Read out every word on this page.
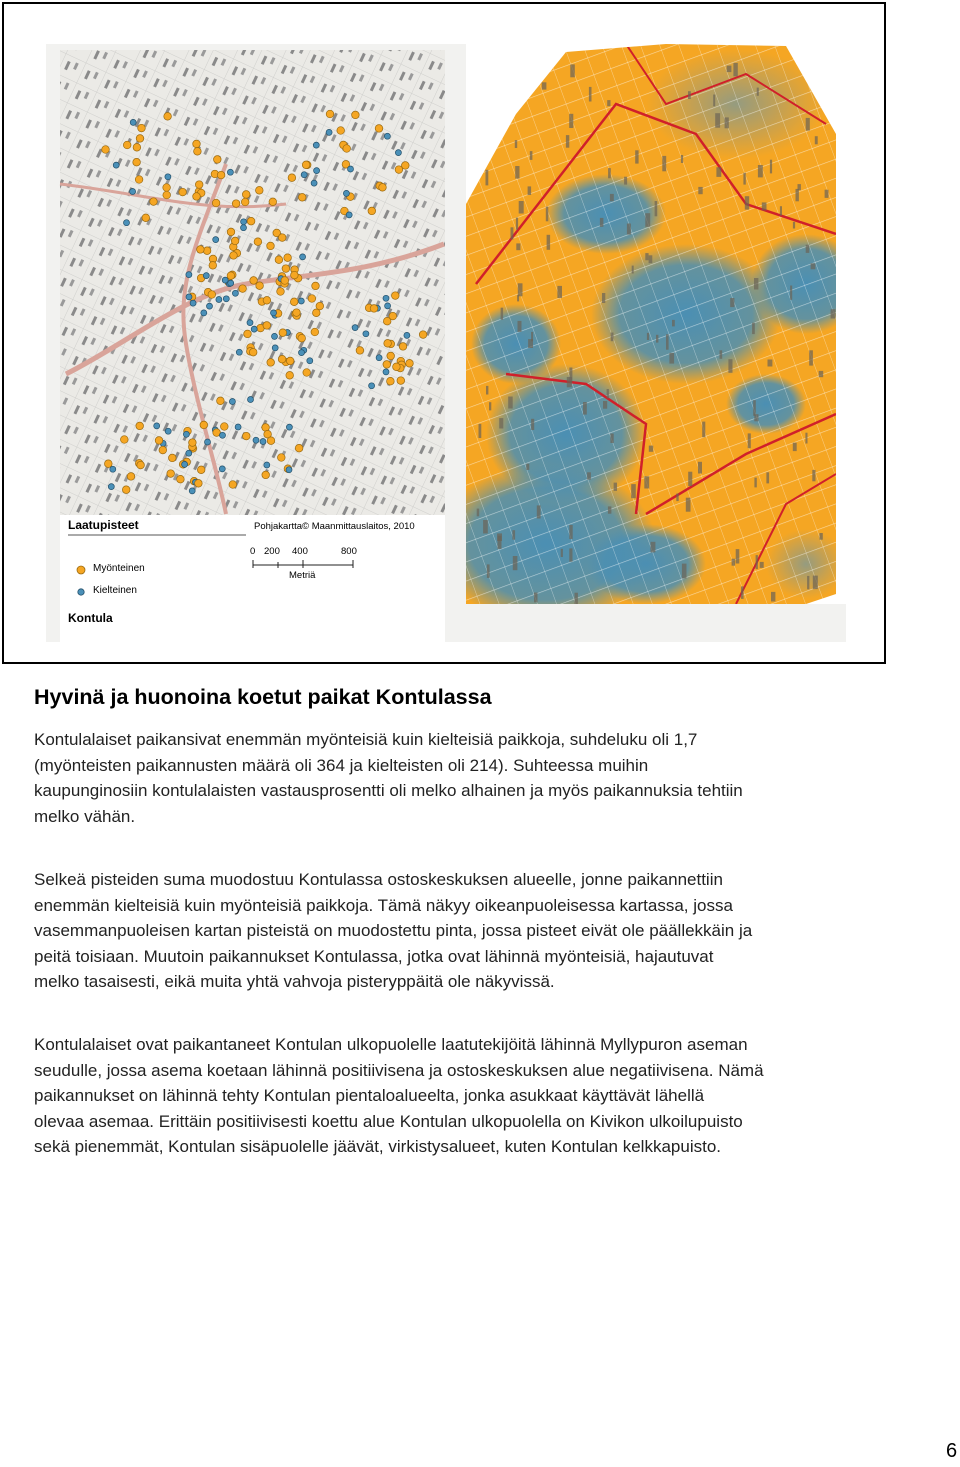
Laatupisteet	Pohjakartta© Maanmittauslaitos, 2010
Myönteinen
Kielteinen
0 200 400	800
Metriä
Kontula
Hyvinä ja huonoina koetut paikat Kontulassa
Kontulalaiset paikansivat enemmän myönteisiä kuin kielteisiä paikkoja, suhdeluku oli 1,7
(myönteisten paikannusten määrä oli 364 ja kielteisten oli 214). Suhteessa muihin
kaupunginosiin kontulalaisten vastausprosentti oli melko alhainen ja myös paikannuksia tehtiin
melko vähän.
Selkeä pisteiden suma muodostuu Kontulassa ostoskeskuksen alueelle, jonne paikannettiin
enemmän kielteisiä kuin myönteisiä paikkoja. Tämä näkyy oikeanpuoleisessa kartassa, jossa
vasemmanpuoleisen kartan pisteistä on muodostettu pinta, jossa pisteet eivät ole päällekkäin ja
peitä toisiaan. Muutoin paikannukset Kontulassa, jotka ovat lähinnä myönteisiä, hajautuvat
melko tasaisesti, eikä muita yhtä vahvoja pisteryppäitä ole näkyvissä.
Kontulalaiset ovat paikantaneet Kontulan ulkopuolelle laatutekijöitä lähinnä Myllypuron aseman
seudulle, jossa asema koetaan lähinnä positiivisena ja ostoskeskuksen alue negatiivisena. Nämä
paikannukset on lähinnä tehty Kontulan pientaloalueelta, jonka asukkaat käyttävät lähellä
olevaa asemaa. Erittäin positiivisesti koettu alue Kontulan ulkopuolella on Kivikon ulkoilupuisto
sekä pienemmät, Kontulan sisäpuolelle jäävät, virkistysalueet, kuten Kontulan kelkkapuisto.
6
